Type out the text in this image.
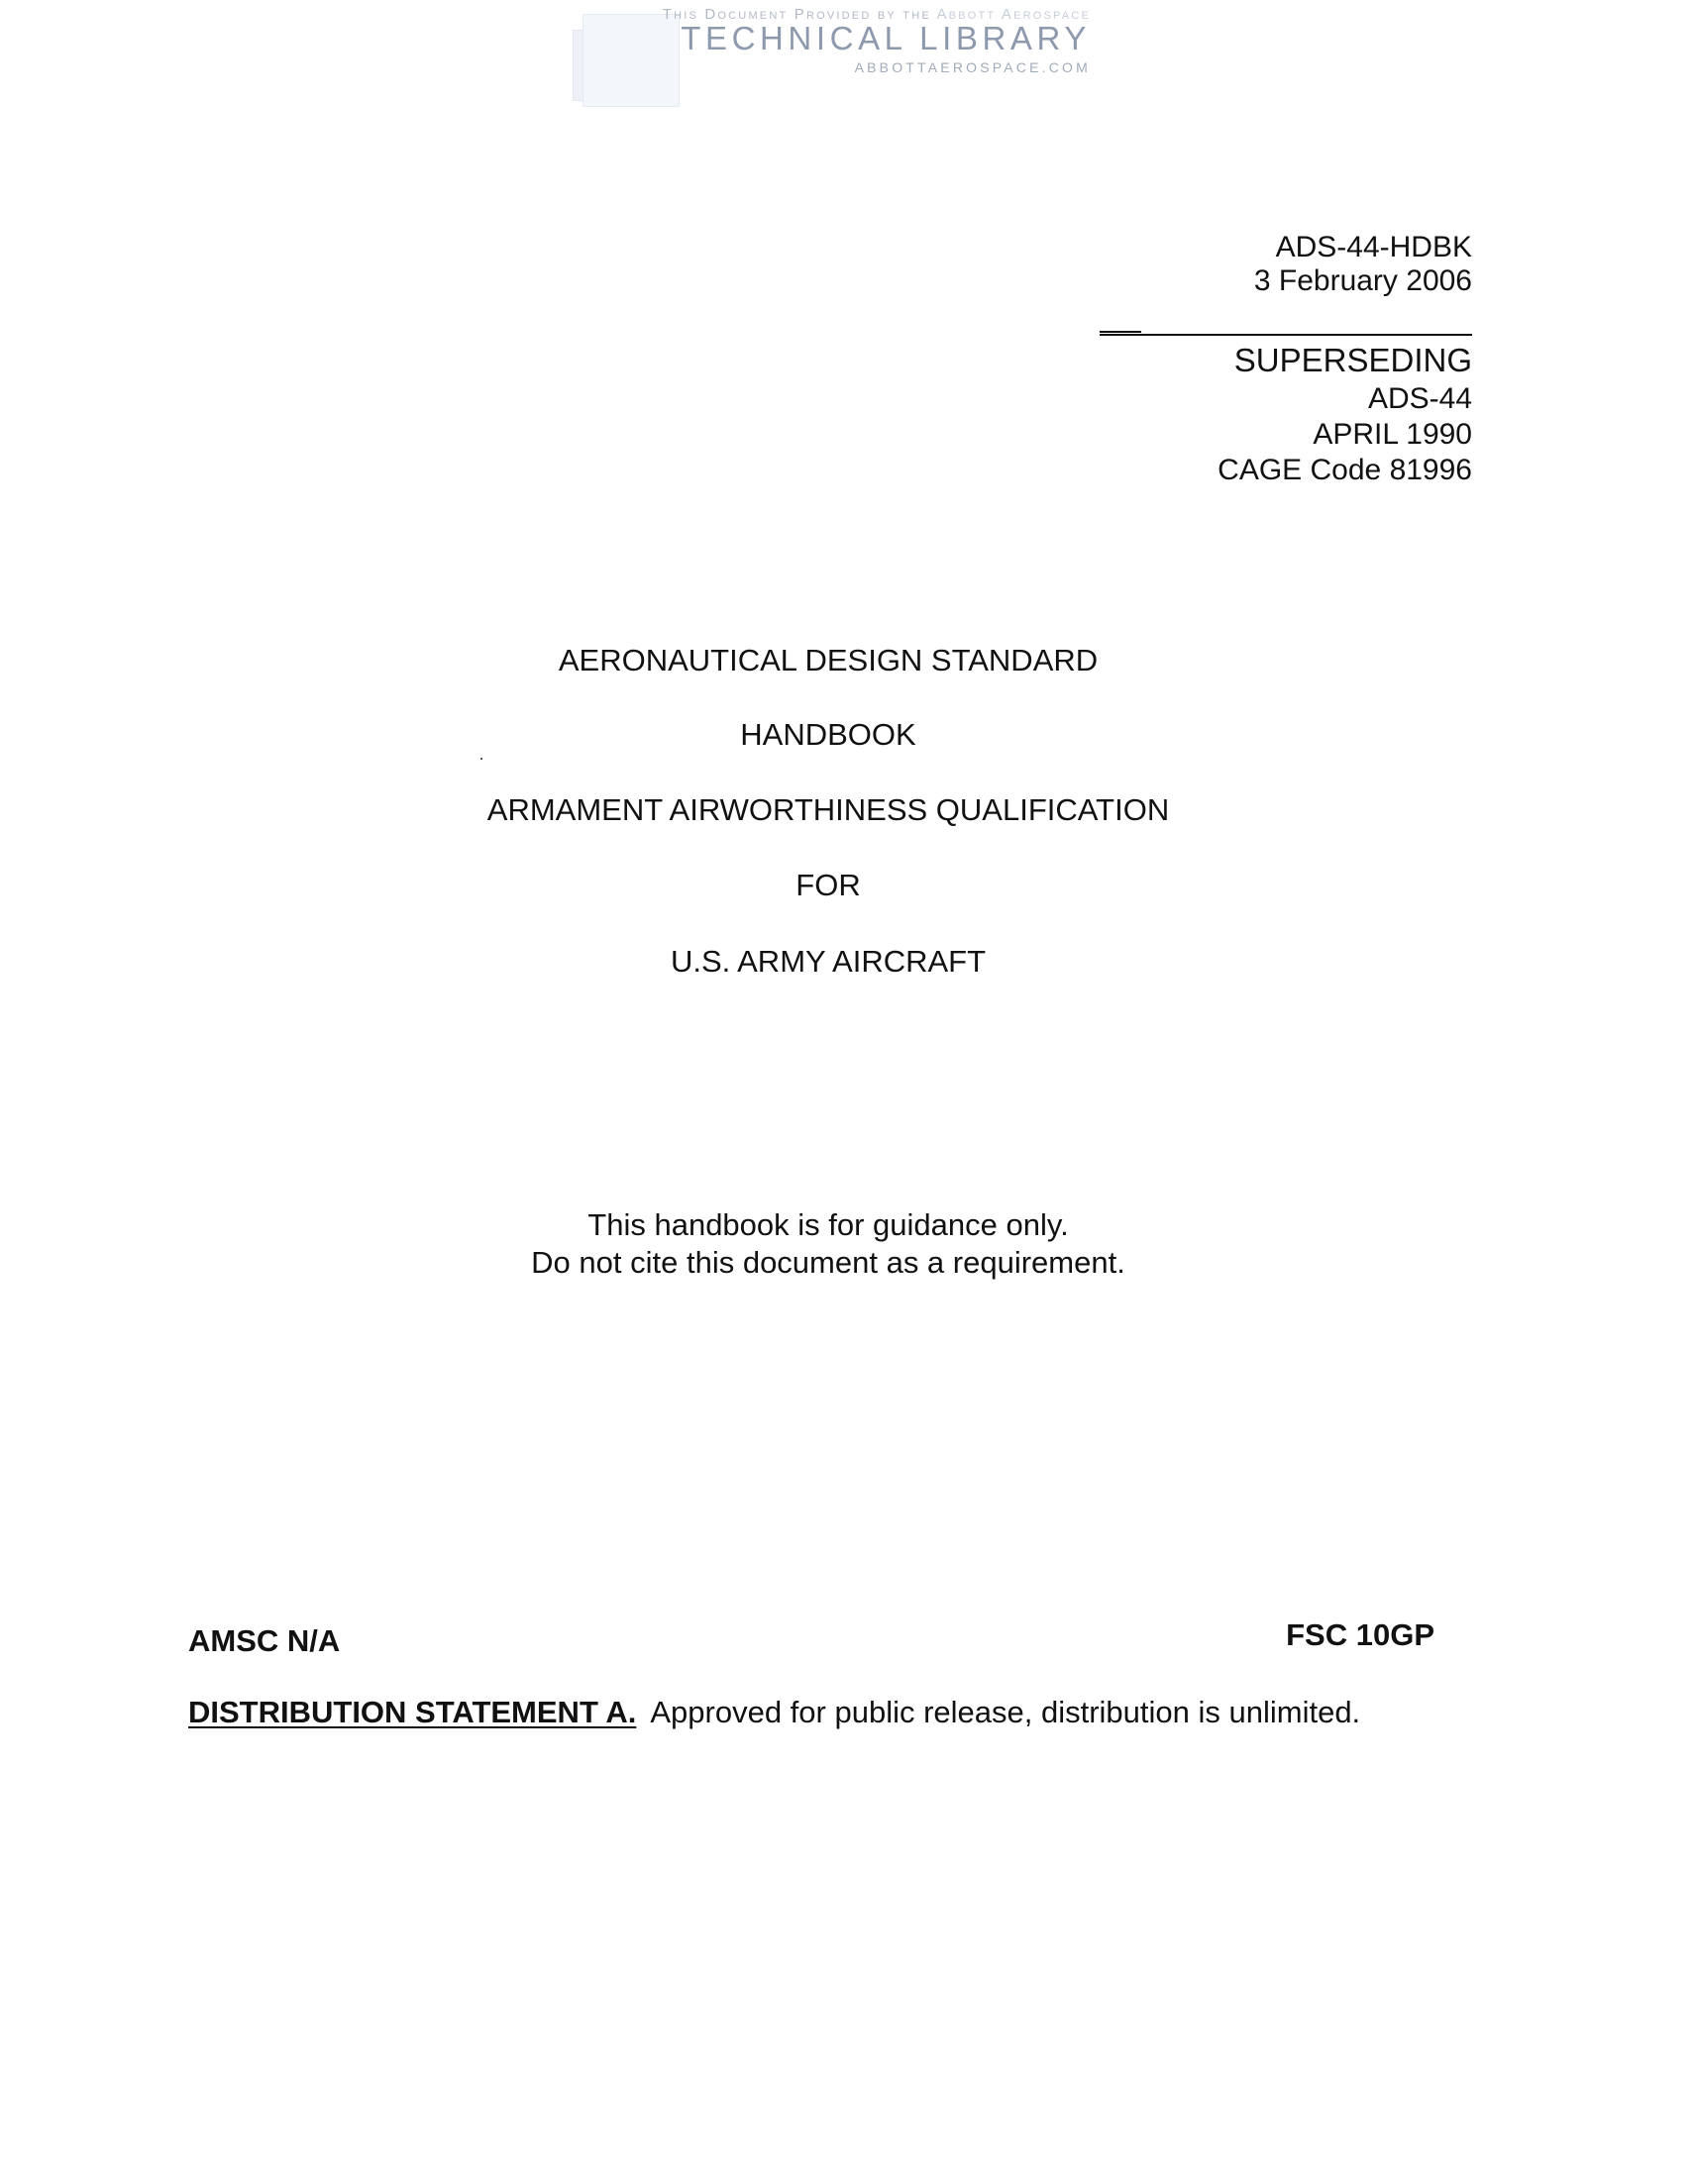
This Document Provided by the Abbott Aerospace
TECHNICAL LIBRARY
ABBOTTAEROSPACE.COM
ADS-44-HDBK
3 February 2006
SUPERSEDING
ADS-44
APRIL 1990
CAGE Code 81996
AERONAUTICAL DESIGN STANDARD
HANDBOOK
ARMAMENT AIRWORTHINESS QUALIFICATION
FOR
U.S. ARMY AIRCRAFT
This handbook is for guidance only.
Do not cite this document as a requirement.
AMSC N/A	FSC 10GP
DISTRIBUTION STATEMENT A. Approved for public release, distribution is unlimited.
